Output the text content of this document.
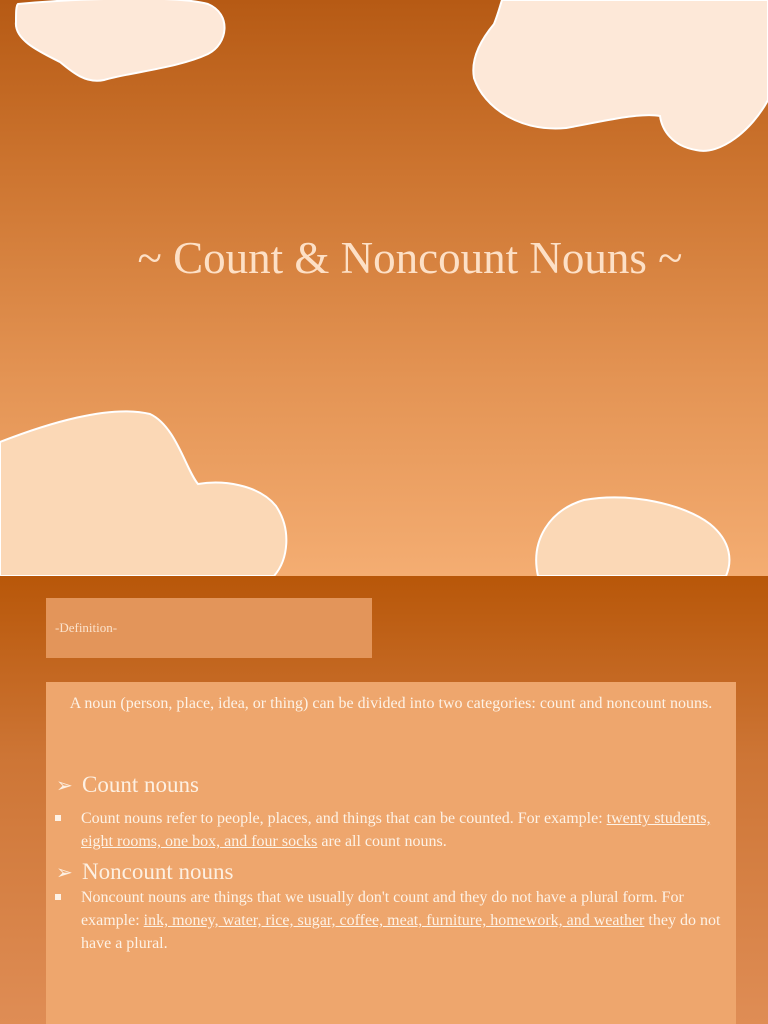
~ Count & Noncount Nouns ~
-Definition-
A noun (person, place, idea, or thing) can be divided into two categories: count and noncount nouns.
➢ Count nouns
Count nouns refer to people, places, and things that can be counted. For example: twenty students, eight rooms, one box, and four socks are all count nouns.
➢ Noncount nouns
Noncount nouns are things that we usually don't count and they do not have a plural form. For example: ink, money, water, rice, sugar, coffee, meat, furniture, homework, and weather they do not have a plural.
